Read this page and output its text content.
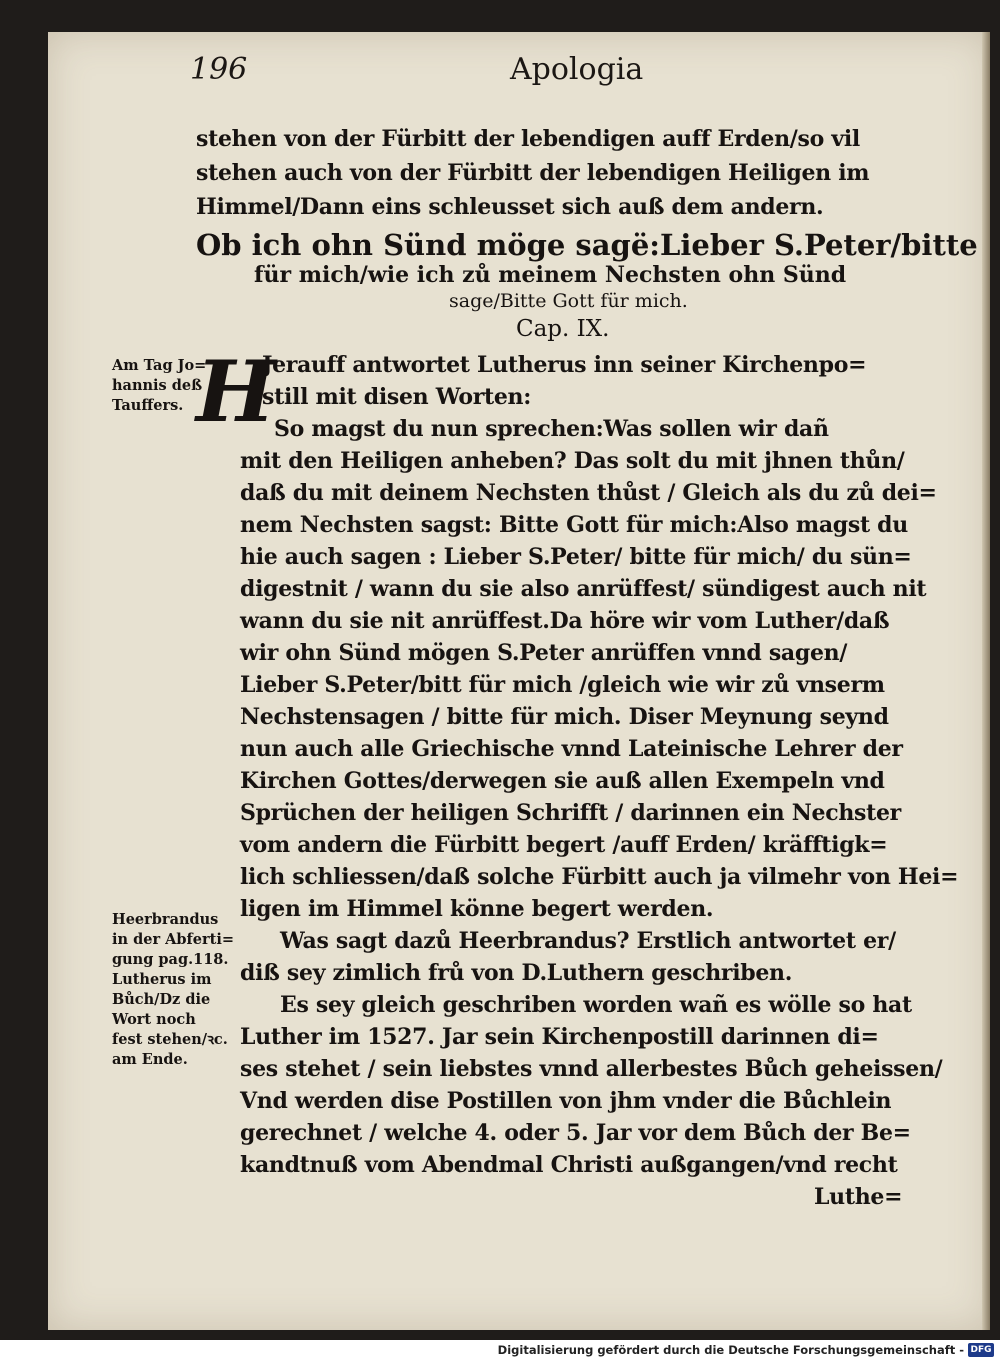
196	Apologia
stehen von der Fürbitt der lebendigen auff Erden/so vil
stehen auch von der Fürbitt der lebendigen Heiligen im
Himmel/Dann eins schleusset sich auß dem andern.
Ob ich ohn Sünd möge sagë:Lieber S.Peter/bitte
für mich/wie ich zů meinem Nechsten ohn Sünd
sage/Bitte Gott für mich.
Cap. IX.
Jerauff antwortet Lutherus inn seiner Kirchenpo=
still mit disen Worten:
So magst du nun sprechen:Was sollen wir dañ
mit den Heiligen anheben? Das solt du mit jhnen thůn/
daß du mit deinem Nechsten thůst / Gleich als du zů dei=
nem Nechsten sagst: Bitte Gott für mich:Also magst du
hie auch sagen : Lieber S.Peter/ bitte für mich/ du sün=
digestnit / wann du sie also anrüffest/ sündigest auch nit
wann du sie nit anrüffest.Da höre wir vom Luther/daß
wir ohn Sünd mögen S.Peter anrüffen vnnd sagen/
Lieber S.Peter/bitt für mich /gleich wie wir zů vnserm
Nechstensagen / bitte für mich. Diser Meynung seynd
nun auch alle Griechische vnnd Lateinische Lehrer der
Kirchen Gottes/derwegen sie auß allen Exempeln vnd
Sprüchen der heiligen Schrifft / darinnen ein Nechster
vom andern die Fürbitt begert /auff Erden/ kräfftigk=
lich schliessen/daß solche Fürbitt auch ja vilmehr von Hei=
ligen im Himmel könne begert werden.
Was sagt dazů Heerbrandus? Erstlich antwortet er/
diß sey zimlich frů von D.Luthern geschriben.
Es sey gleich geschriben worden wañ es wölle so hat
Luther im 1527. Jar sein Kirchenpostill darinnen di=
ses stehet / sein liebstes vnnd allerbestes Bůch geheissen/
Vnd werden dise Postillen von jhm vnder die Bůchlein
gerechnet / welche 4. oder 5. Jar vor dem Bůch der Be=
kandtnuß vom Abendmal Christi außgangen/vnd recht
Luthe=
H
Am Tag Jo=
hannis deß
Tauffers.
Heerbrandus
in der Abferti=
gung pag.118.
Lutherus im
Bůch/Dz die
Wort noch
fest stehen/ꝛc.
am Ende.
Digitalisierung gefördert durch die Deutsche Forschungsgemeinschaft - DFG
